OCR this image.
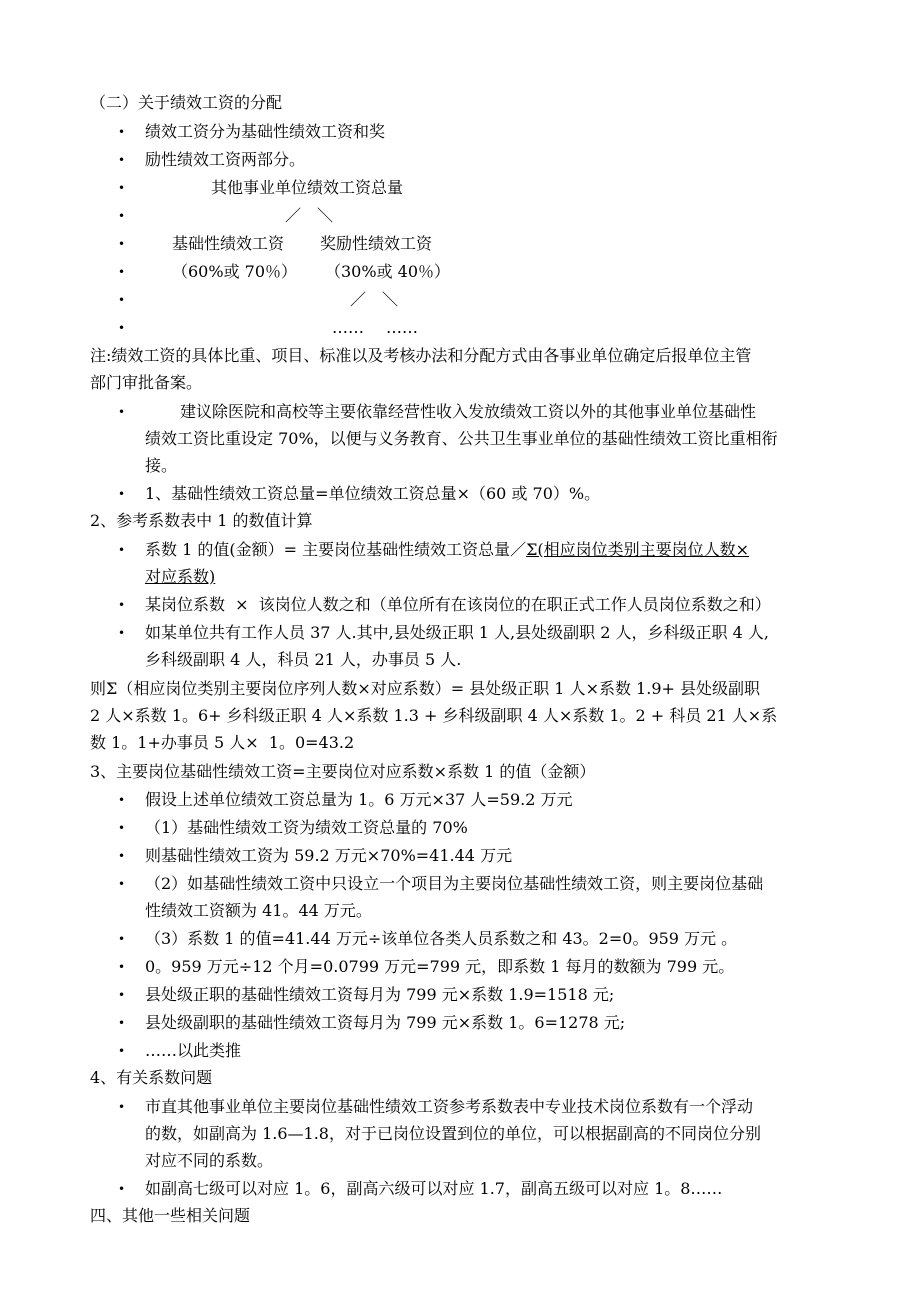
（二）关于绩效工资的分配
• 绩效工资分为基础性绩效工资和奖
• 励性绩效工资两部分。
•	其他事业单位绩效工资总量
•	／　＼
•	基础性绩效工资 奖励性绩效工资
•	（60%或 70％） （30%或 40％）
•	／　＼
•	…… ……
注:绩效工资的具体比重、项目、标准以及考核办法和分配方式由各事业单位确定后报单位主管
部门审批备案。
•	建议除医院和高校等主要依靠经营性收入发放绩效工资以外的其他事业单位基础性
绩效工资比重设定 70%，以便与义务教育、公共卫生事业单位的基础性绩效工资比重相衔
接。
• 1、基础性绩效工资总量=单位绩效工资总量×（60 或 70）%。
2、参考系数表中 1 的数值计算
• 系数 1 的值(金额）= 主要岗位基础性绩效工资总量／Σ(相应岗位类别主要岗位人数×
对应系数)
• 某岗位系数  ×  该岗位人数之和（单位所有在该岗位的在职正式工作人员岗位系数之和）
• 如某单位共有工作人员 37 人.其中,县处级正职 1 人,县处级副职 2 人，乡科级正职 4 人,
乡科级副职 4 人，科员 21 人，办事员 5 人.
则Σ（相应岗位类别主要岗位序列人数×对应系数）= 县处级正职 1 人×系数 1.9+ 县处级副职
2 人×系数 1。6+ 乡科级正职 4 人×系数 1.3 + 乡科级副职 4 人×系数 1。2 + 科员 21 人×系
数 1。1+办事员 5 人×  1。0=43.2
3、主要岗位基础性绩效工资=主要岗位对应系数×系数 1 的值（金额）
• 假设上述单位绩效工资总量为 1。6 万元×37 人=59.2 万元
• （1）基础性绩效工资为绩效工资总量的 70%
• 则基础性绩效工资为 59.2 万元×70%=41.44 万元
• （2）如基础性绩效工资中只设立一个项目为主要岗位基础性绩效工资，则主要岗位基础
性绩效工资额为 41。44 万元。
• （3）系数 1 的值=41.44 万元÷该单位各类人员系数之和 43。2=0。959 万元 。
• 0。959 万元÷12 个月=0.0799 万元=799 元，即系数 1 每月的数额为 799 元。
• 县处级正职的基础性绩效工资每月为 799 元×系数 1.9=1518 元;
• 县处级副职的基础性绩效工资每月为 799 元×系数 1。6=1278 元;
• ……以此类推
4、有关系数问题
• 市直其他事业单位主要岗位基础性绩效工资参考系数表中专业技术岗位系数有一个浮动
的数，如副高为 1.6—1.8，对于已岗位设置到位的单位，可以根据副高的不同岗位分别
对应不同的系数。
• 如副高七级可以对应 1。6，副高六级可以对应 1.7，副高五级可以对应 1。8……
四、其他一些相关问题
